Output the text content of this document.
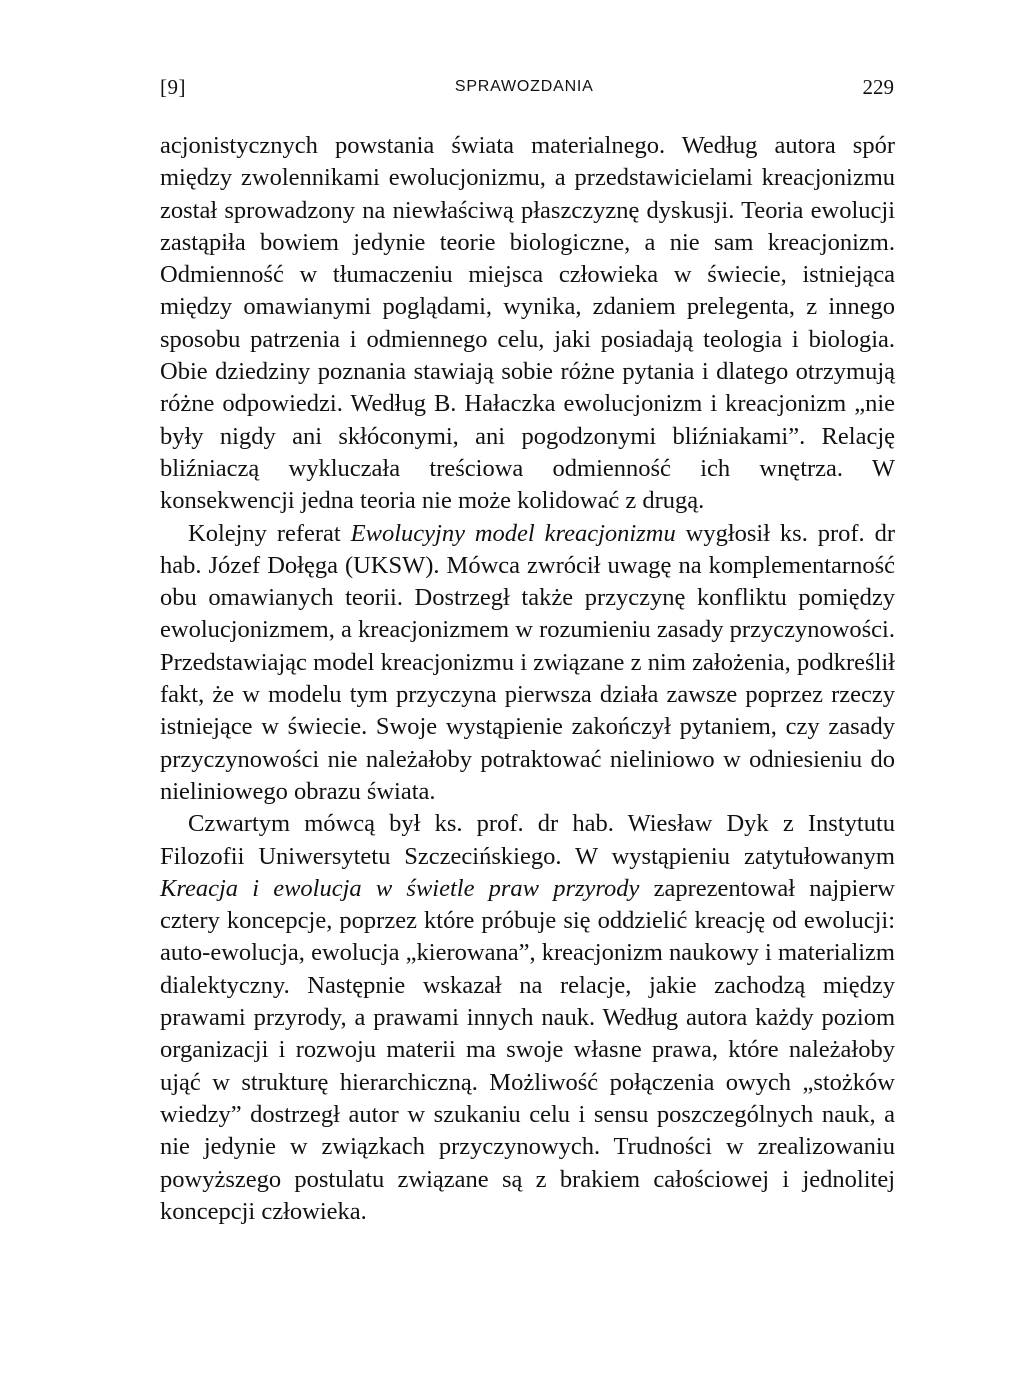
[9]	SPRAWOZDANIA	229

acjonistycznych powstania świata materialnego. Według autora spór między zwolennikami ewolucjonizmu, a przedstawicielami kreacjonizmu został sprowadzony na niewłaściwą płaszczyznę dyskusji. Teoria ewolucji zastąpiła bowiem jedynie teorie biologiczne, a nie sam kreacjonizm. Odmienność w tłumaczeniu miejsca człowieka w świecie, istniejąca między omawianymi poglądami, wynika, zdaniem prelegenta, z innego sposobu patrzenia i odmiennego celu, jaki posiadają teologia i biologia. Obie dziedziny poznania stawiają sobie różne pytania i dlatego otrzymują różne odpowiedzi. Według B. Hałaczka ewolucjonizm i kreacjonizm „nie były nigdy ani skłóconymi, ani pogodzonymi bliźniakami”. Relację bliźniaczą wykluczała treściowa odmienność ich wnętrza. W konsekwencji jedna teoria nie może kolidować z drugą.

Kolejny referat Ewolucyjny model kreacjonizmu wygłosił ks. prof. dr hab. Józef Dołęga (UKSW). Mówca zwrócił uwagę na komplementarność obu omawianych teorii. Dostrzegł także przyczynę konfliktu pomiędzy ewolucjonizmem, a kreacjonizmem w rozumieniu zasady przyczynowości. Przedstawiając model kreacjonizmu i związane z nim założenia, podkreślił fakt, że w modelu tym przyczyna pierwsza działa zawsze poprzez rzeczy istniejące w świecie. Swoje wystąpienie zakończył pytaniem, czy zasady przyczynowości nie należałoby potraktować nieliniowo w odniesieniu do nieliniowego obrazu świata.

Czwartym mówcą był ks. prof. dr hab. Wiesław Dyk z Instytutu Filozofii Uniwersytetu Szczecińskiego. W wystąpieniu zatytułowanym Kreacja i ewolucja w świetle praw przyrody zaprezentował najpierw cztery koncepcje, poprzez które próbuje się oddzielić kreację od ewolucji: auto-ewolucja, ewolucja „kierowana”, kreacjonizm naukowy i materializm dialektyczny. Następnie wskazał na relacje, jakie zachodzą między prawami przyrody, a prawami innych nauk. Według autora każdy poziom organizacji i rozwoju materii ma swoje własne prawa, które należałoby ująć w strukturę hierarchiczną. Możliwość połączenia owych „stożków wiedzy” dostrzegł autor w szukaniu celu i sensu poszczególnych nauk, a nie jedynie w związkach przyczynowych. Trudności w zrealizowaniu powyższego postulatu związane są z brakiem całościowej i jednolitej koncepcji człowieka.
